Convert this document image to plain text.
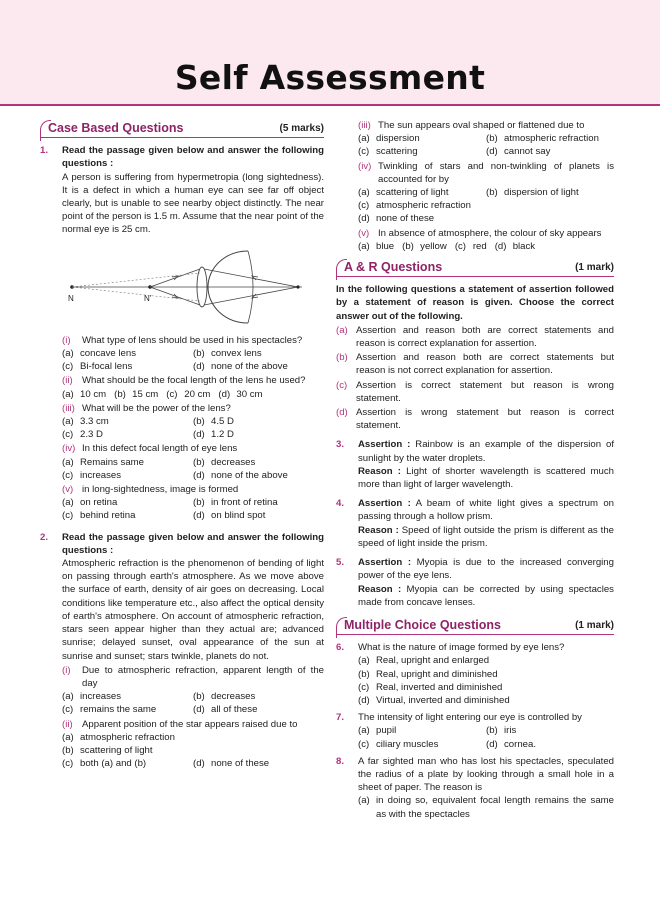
Self Assessment
Case Based Questions	(5 marks)
1.	Read the passage given below and answer the following questions :
A person is suffering from hypermetropia (long sightedness). It is a defect in which a human eye can see far off object clearly, but is unable to see nearby object distinctly. The near point of the person is 1.5 m. Assume that the near point of the normal eye is 25 cm.
N	N'
(i)	What type of lens should be used in his spectacles?
(a) concave lens	(b) convex lens
(c) Bi-focal lens	(d) none of the above
(ii) What should be the focal length of the lens he used?
(a) 10 cm (b) 15 cm (c) 20 cm (d) 30 cm
(iii) What will be the power of the lens?
(a) 3.3 cm	(b) 4.5 D
(c) 2.3 D	(d) 1.2 D
(iv) In this defect focal length of eye lens
(a) Remains same	(b) decreases
(c) increases	(d) none of the above
(v) in long-sightedness, image is formed
(a) on retina	(b) in front of retina
(c) behind retina	(d) on blind spot
2.	Read the passage given below and answer the following questions :
Atmospheric refraction is the phenomenon of bending of light on passing through earth's atmosphere. As we move above the surface of earth, density of air goes on decreasing. Local conditions like temperature etc., also affect the optical density of earth's atmosphere. On account of atmospheric refraction, stars seen appear higher than they actual are; advanced sunrise; delayed sunset, oval appearance of the sun at sunrise and sunset; stars twinkle, planets do not.
(i)	Due to atmospheric refraction, apparent length of the day
(a) increases	(b) decreases
(c) remains the same	(d) all of these
(ii) Apparent position of the star appears raised due to
(a) atmospheric refraction
(b) scattering of light
(c) both (a) and (b)	(d) none of these
(iii) The sun appears oval shaped or flattened due to
(a) dispersion	(b) atmospheric refraction
(c) scattering	(d) cannot say
(iv) Twinkling of stars and non-twinkling of planets is accounted for by
(a) scattering of light	(b) dispersion of light
(c) atmospheric refraction
(d) none of these
(v) In absence of atmosphere, the colour of sky appears
(a) blue (b) yellow (c) red (d) black
A & R Questions	(1 mark)
In the following questions a statement of assertion followed by a statement of reason is given. Choose the correct answer out of the following.
(a) Assertion and reason both are correct statements and reason is correct explanation for assertion.
(b) Assertion and reason both are correct statements but reason is not correct explanation for assertion.
(c) Assertion is correct statement but reason is wrong statement.
(d) Assertion is wrong statement but reason is correct statement.
3.	Assertion : Rainbow is an example of the dispersion of sunlight by the water droplets.
Reason : Light of shorter wavelength is scattered much more than light of larger wavelength.
4.	Assertion : A beam of white light gives a spectrum on passing through a hollow prism.
Reason : Speed of light outside the prism is different as the speed of light inside the prism.
5.	Assertion : Myopia is due to the increased converging power of the eye lens.
Reason : Myopia can be corrected by using spectacles made from concave lenses.
Multiple Choice Questions	(1 mark)
6.	What is the nature of image formed by eye lens?
(a) Real, upright and enlarged
(b) Real, upright and diminished
(c) Real, inverted and diminished
(d) Virtual, inverted and diminished
7.	The intensity of light entering our eye is controlled by
(a) pupil	(b) iris
(c) ciliary muscles	(d) cornea.
8.	A far sighted man who has lost his spectacles, speculated the radius of a plate by looking through a small hole in a sheet of paper. The reason is
(a) in doing so, equivalent focal length remains the same as with the spectacles
